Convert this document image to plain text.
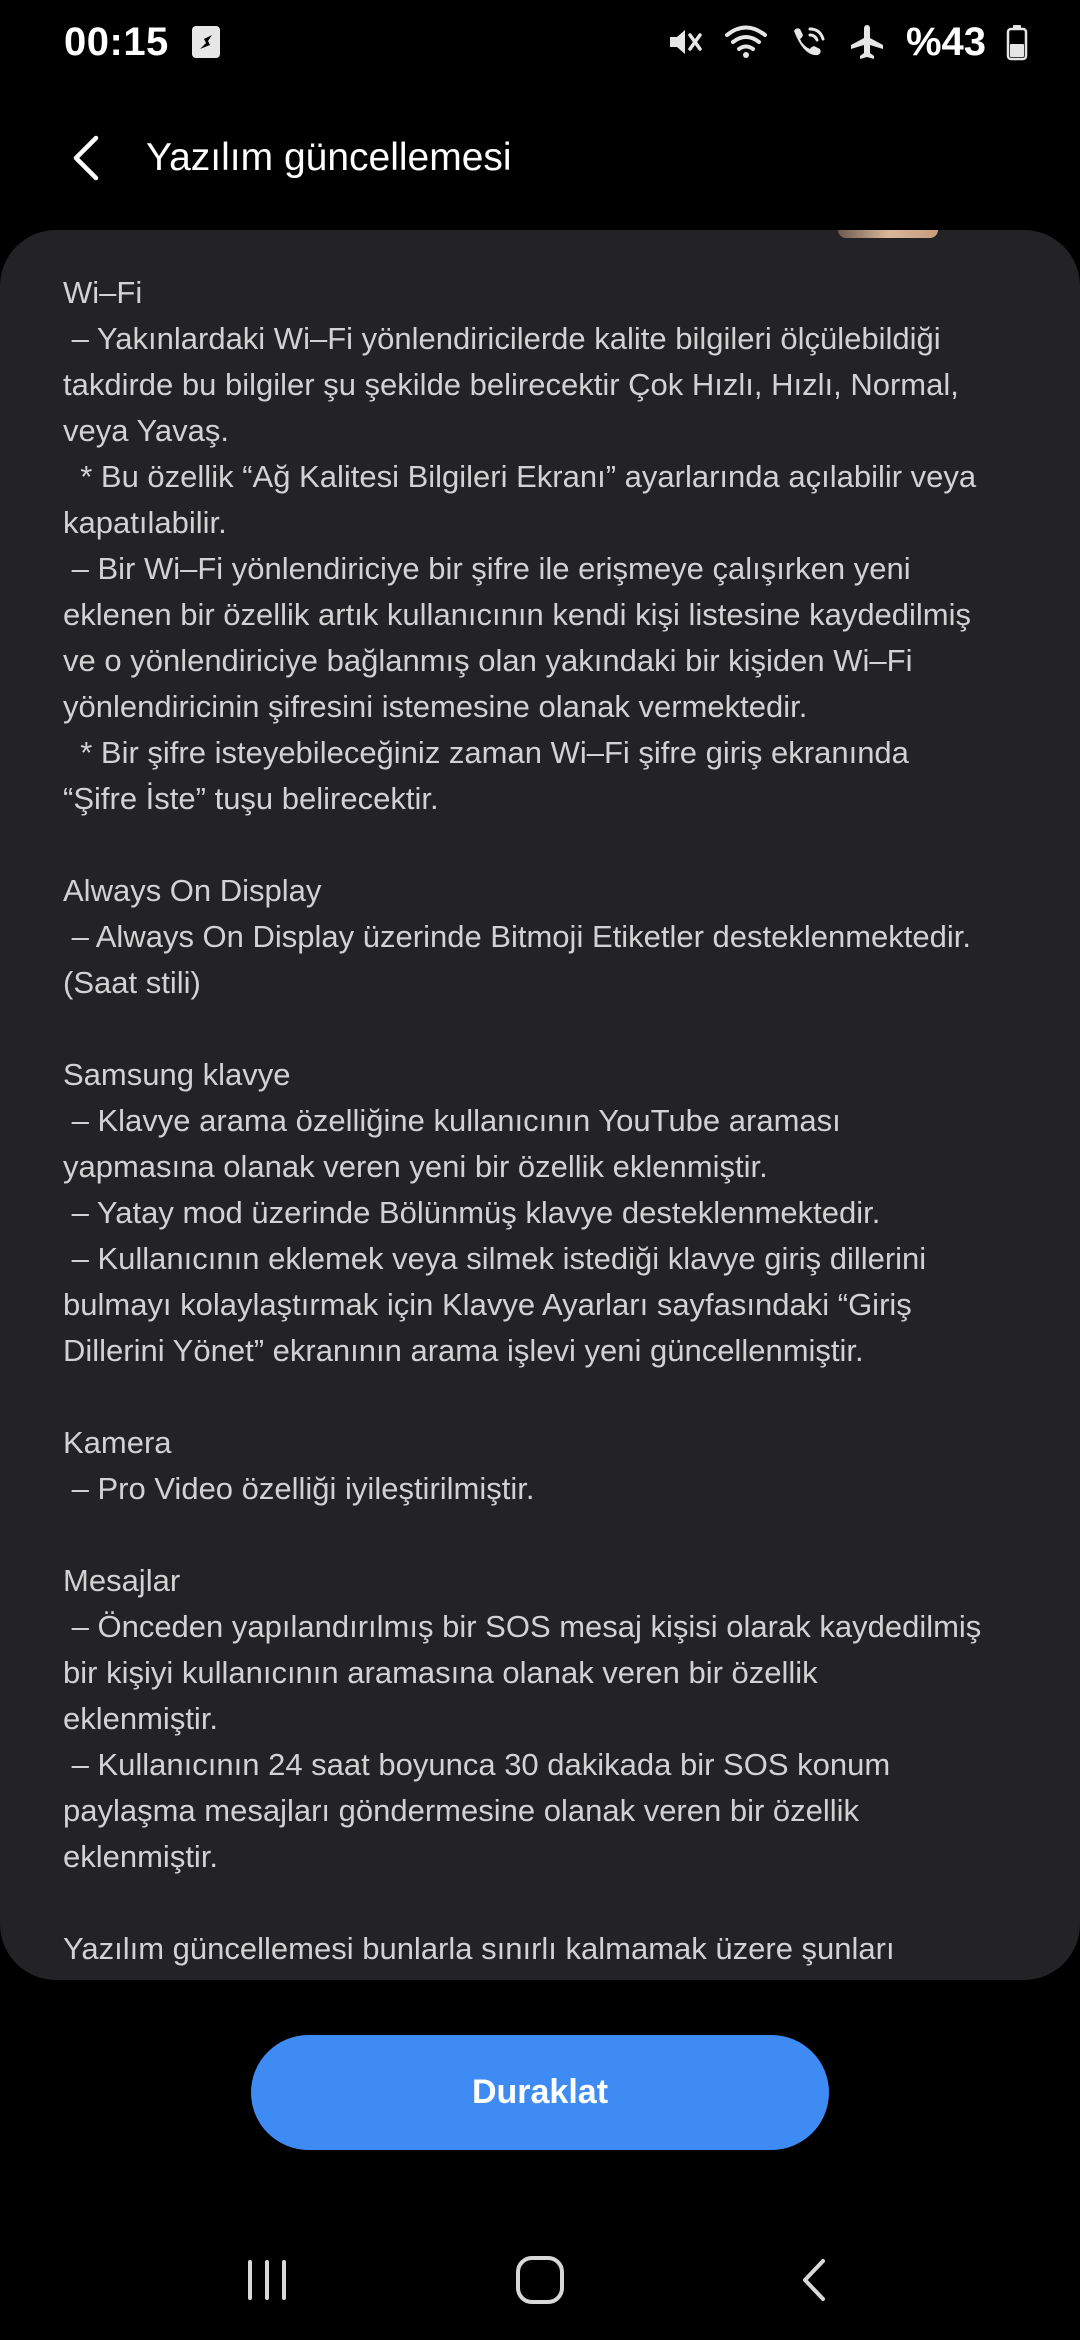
00:15	%43
Yazılım güncellemesi
Wi‒Fi
‒ Yakınlardaki Wi‒Fi yönlendiricilerde kalite bilgileri ölçülebildiği
takdirde bu bilgiler şu şekilde belirecektir Çok Hızlı, Hızlı, Normal,
veya Yavaş.
* Bu özellik “Ağ Kalitesi Bilgileri Ekranı” ayarlarında açılabilir veya
kapatılabilir.
‒ Bir Wi‒Fi yönlendiriciye bir şifre ile erişmeye çalışırken yeni
eklenen bir özellik artık kullanıcının kendi kişi listesine kaydedilmiş
ve o yönlendiriciye bağlanmış olan yakındaki bir kişiden Wi‒Fi
yönlendiricinin şifresini istemesine olanak vermektedir.
* Bir şifre isteyebileceğiniz zaman Wi‒Fi şifre giriş ekranında
“Şifre İste” tuşu belirecektir.
Always On Display
‒ Always On Display üzerinde Bitmoji Etiketler desteklenmektedir.
(Saat stili)
Samsung klavye
‒ Klavye arama özelliğine kullanıcının YouTube araması
yapmasına olanak veren yeni bir özellik eklenmiştir.
‒ Yatay mod üzerinde Bölünmüş klavye desteklenmektedir.
‒ Kullanıcının eklemek veya silmek istediği klavye giriş dillerini
bulmayı kolaylaştırmak için Klavye Ayarları sayfasındaki “Giriş
Dillerini Yönet” ekranının arama işlevi yeni güncellenmiştir.
Kamera
‒ Pro Video özelliği iyileştirilmiştir.
Mesajlar
‒ Önceden yapılandırılmış bir SOS mesaj kişisi olarak kaydedilmiş
bir kişiyi kullanıcının aramasına olanak veren bir özellik
eklenmiştir.
‒ Kullanıcının 24 saat boyunca 30 dakikada bir SOS konum
paylaşma mesajları göndermesine olanak veren bir özellik
eklenmiştir.
Yazılım güncellemesi bunlarla sınırlı kalmamak üzere şunları
Duraklat
